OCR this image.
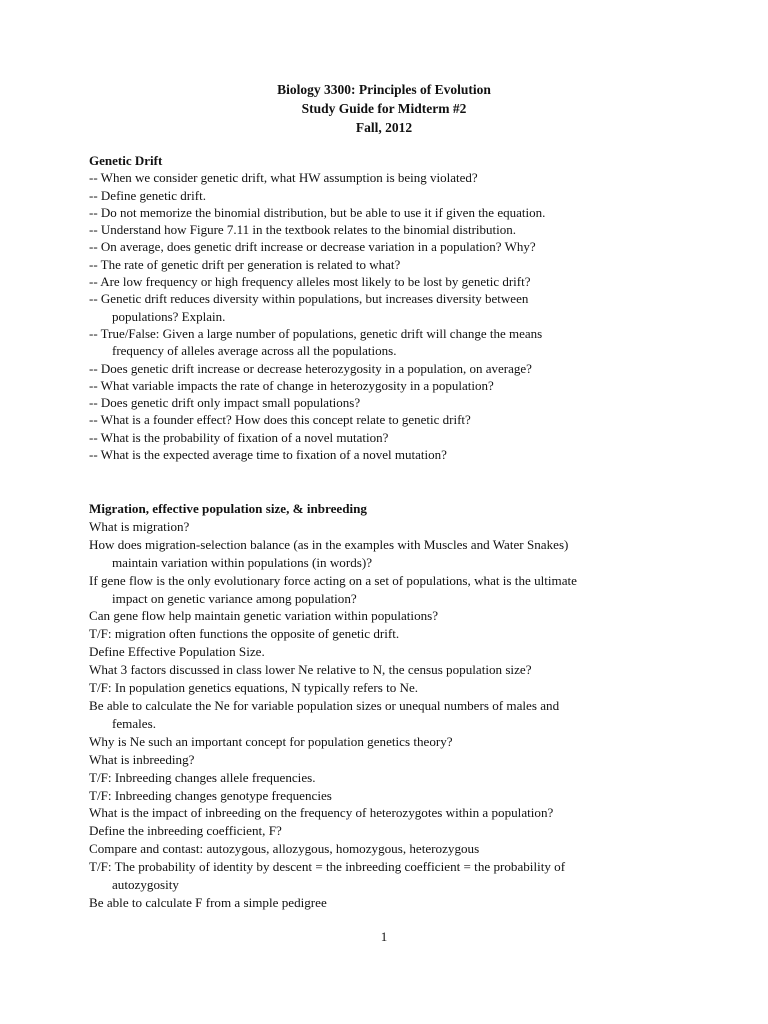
Biology 3300: Principles of Evolution
Study Guide for Midterm #2
Fall, 2012
Genetic Drift
-- When we consider genetic drift, what HW assumption is being violated?
-- Define genetic drift.
-- Do not memorize the binomial distribution, but be able to use it if given the equation.
-- Understand how Figure 7.11 in the textbook relates to the binomial distribution.
-- On average, does genetic drift increase or decrease variation in a population? Why?
-- The rate of genetic drift per generation is related to what?
-- Are low frequency or high frequency alleles most likely to be lost by genetic drift?
-- Genetic drift reduces diversity within populations, but increases diversity between
populations? Explain.
-- True/False: Given a large number of populations, genetic drift will change the means
frequency of alleles average across all the populations.
-- Does genetic drift increase or decrease heterozygosity in a population, on average?
-- What variable impacts the rate of change in heterozygosity in a population?
-- Does genetic drift only impact small populations?
-- What is a founder effect? How does this concept relate to genetic drift?
-- What is the probability of fixation of a novel mutation?
-- What is the expected average time to fixation of a novel mutation?
Migration, effective population size, & inbreeding
What is migration?
How does migration-selection balance (as in the examples with Muscles and Water Snakes)
maintain variation within populations (in words)?
If gene flow is the only evolutionary force acting on a set of populations, what is the ultimate
impact on genetic variance among population?
Can gene flow help maintain genetic variation within populations?
T/F: migration often functions the opposite of genetic drift.
Define Effective Population Size.
What 3 factors discussed in class lower Ne relative to N, the census population size?
T/F: In population genetics equations, N typically refers to Ne.
Be able to calculate the Ne for variable population sizes or unequal numbers of males and
females.
Why is Ne such an important concept for population genetics theory?
What is inbreeding?
T/F: Inbreeding changes allele frequencies.
T/F: Inbreeding changes genotype frequencies
What is the impact of inbreeding on the frequency of heterozygotes within a population?
Define the inbreeding coefficient, F?
Compare and contast: autozygous, allozygous, homozygous, heterozygous
T/F: The probability of identity by descent = the inbreeding coefficient = the probability of
autozygosity
Be able to calculate F from a simple pedigree
1
